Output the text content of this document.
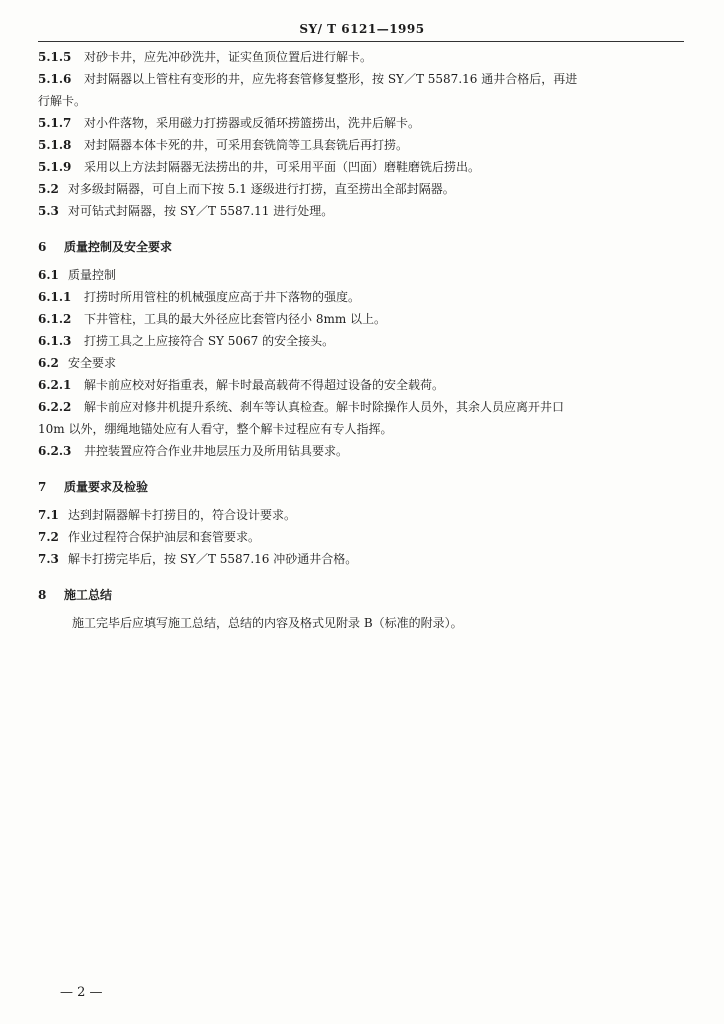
SY/ T 6121—1995
5.1.5	对砂卡井，应先冲砂洗井，证实鱼顶位置后进行解卡。
5.1.6	对封隔器以上管柱有变形的井，应先将套管修复整形，按 SY／T 5587.16 通井合格后，再进
行解卡。
5.1.7	对小件落物，采用磁力打捞器或反循环捞篮捞出，洗井后解卡。
5.1.8	对封隔器本体卡死的井，可采用套铣筒等工具套铣后再打捞。
5.1.9	采用以上方法封隔器无法捞出的井，可采用平面（凹面）磨鞋磨铣后捞出。
5.2 对多级封隔器，可自上而下按 5.1 逐级进行打捞，直至捞出全部封隔器。
5.3 对可钻式封隔器，按 SY／T 5587.11 进行处理。
6	质量控制及安全要求
6.1 质量控制
6.1.1	打捞时所用管柱的机械强度应高于井下落物的强度。
6.1.2	下井管柱，工具的最大外径应比套管内径小 8mm 以上。
6.1.3	打捞工具之上应接符合 SY 5067 的安全接头。
6.2 安全要求
6.2.1	解卡前应校对好指重表，解卡时最高载荷不得超过设备的安全载荷。
6.2.2	解卡前应对修井机提升系统、刹车等认真检查。解卡时除操作人员外，其余人员应离开井口
10m 以外，绷绳地锚处应有人看守，整个解卡过程应有专人指挥。
6.2.3	井控装置应符合作业井地层压力及所用钻具要求。
7	质量要求及检验
7.1 达到封隔器解卡打捞目的，符合设计要求。
7.2 作业过程符合保护油层和套管要求。
7.3 解卡打捞完毕后，按 SY／T 5587.16 冲砂通井合格。
8	施工总结
施工完毕后应填写施工总结，总结的内容及格式见附录 B（标准的附录）。
— 2 —
